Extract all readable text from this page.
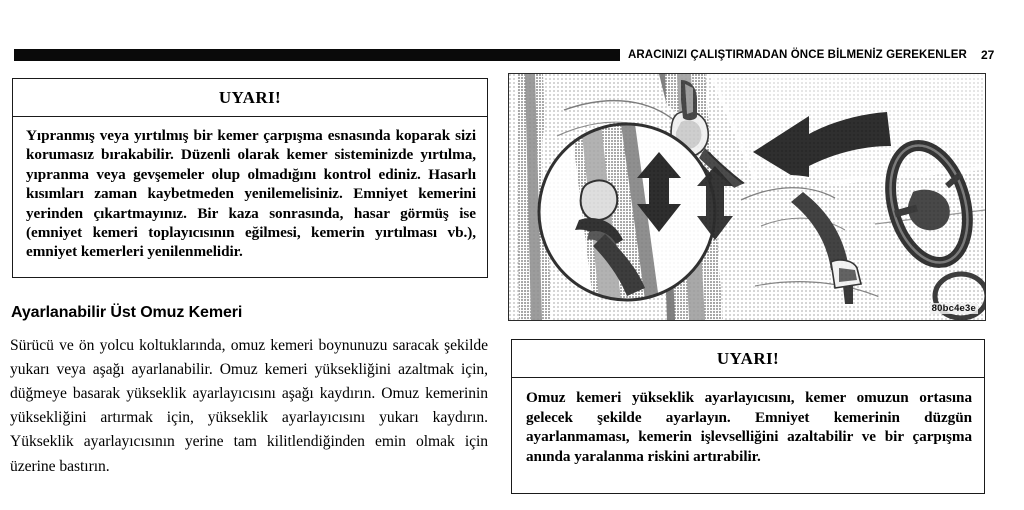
ARACINIZI ÇALIŞTIRMADAN ÖNCE BİLMENİZ GEREKENLER 27
UYARI!
Yıpranmış veya yırtılmış bir kemer çarpışma esnasında koparak sizi korumasız bırakabilir. Düzenli olarak kemer sisteminizde yırtılma, yıpranma veya gevşemeler olup olmadığını kontrol ediniz. Hasarlı kısımları zaman kaybetmeden yenilemelisiniz. Emniyet kemerini yerinden çıkartmayınız. Bir kaza sonrasında, hasar görmüş ise (emniyet kemeri toplayıcısının eğilmesi, kemerin yırtılması vb.), emniyet kemerleri yenilenmelidir.
Ayarlanabilir Üst Omuz Kemeri

Sürücü ve ön yolcu koltuklarında, omuz kemeri boynunuzu saracak şekilde yukarı veya aşağı ayarlanabilir. Omuz kemeri yüksekliğini azaltmak için, düğmeye basarak yükseklik ayarlayıcısını aşağı kaydırın. Omuz kemerinin yüksekliğini artırmak için, yükseklik ayarlayıcısını yukarı kaydırın. Yükseklik ayarlayıcısının yerine tam kilitlendiğinden emin olmak için üzerine bastırın.

80bc4e3e
UYARI!
Omuz kemeri yükseklik ayarlayıcısını, kemer omuzun ortasına gelecek şekilde ayarlayın. Emniyet kemerinin düzgün ayarlanmaması, kemerin işlevselliğini azaltabilir ve bir çarpışma anında yaralanma riskini artırabilir.
